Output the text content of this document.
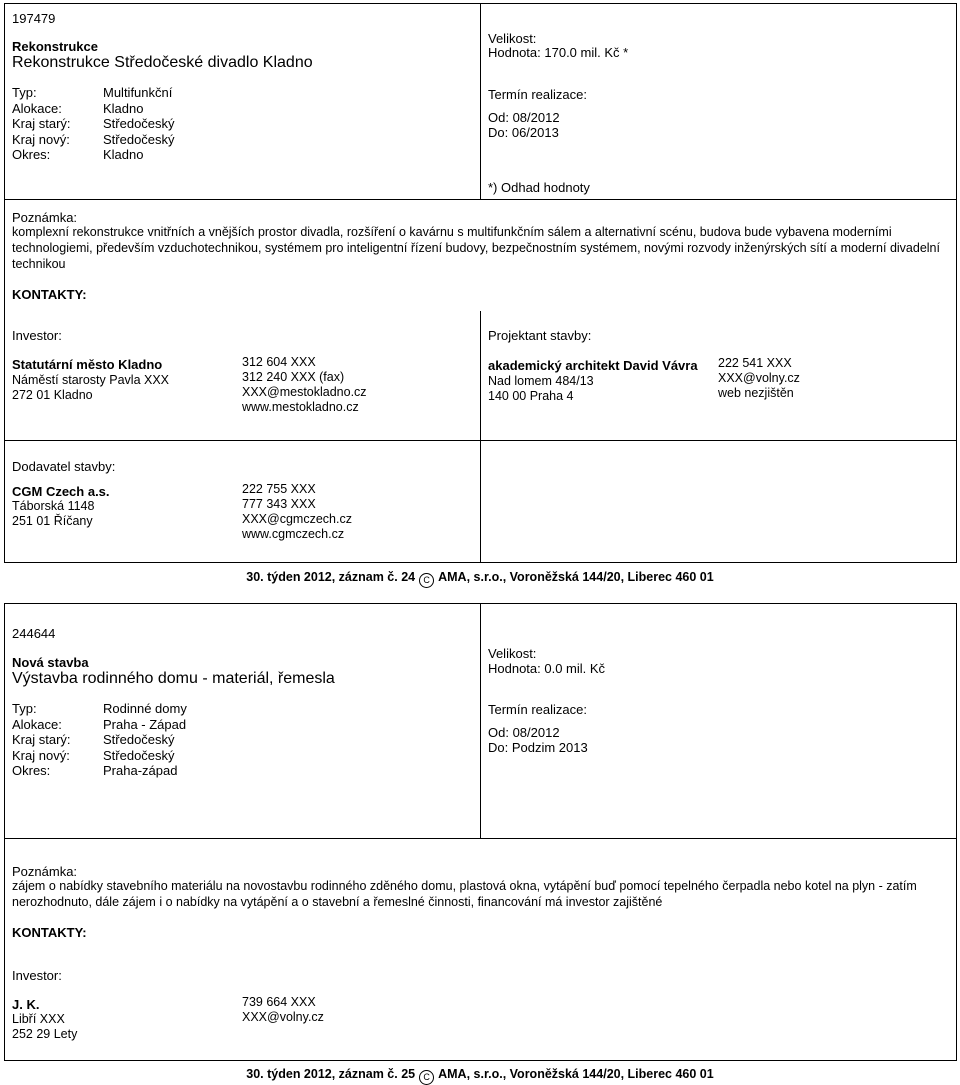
197479
Rekonstrukce
Rekonstrukce Středočeské divadlo Kladno
Typ:	Multifunkční
Alokace:	Kladno
Kraj starý:	Středočeský
Kraj nový:	Středočeský
Okres:	Kladno
Velikost:
Hodnota: 170.0 mil. Kč *
Termín realizace:
Od: 08/2012
Do: 06/2013
*) Odhad hodnoty
Poznámka:
komplexní rekonstrukce vnitřních a vnějších prostor divadla, rozšíření o kavárnu s multifunkčním sálem a alternativní scénu, budova bude vybavena moderními technologiemi, především vzduchotechnikou, systémem pro inteligentní řízení budovy, bezpečnostním systémem, novými rozvody inženýrských sítí a moderní divadelní technikou
KONTAKTY:
Investor:
Statutární město Kladno
Náměstí starosty Pavla XXX
272 01 Kladno
312 604 XXX
312 240 XXX (fax)
XXX@mestokladno.cz
www.mestokladno.cz
Projektant stavby:
akademický architekt David Vávra
Nad lomem 484/13
140 00 Praha 4
222 541 XXX
XXX@volny.cz
web nezjištěn
Dodavatel stavby:
CGM Czech a.s.
Táborská 1148
251 01 Říčany
222 755 XXX
777 343 XXX
XXX@cgmczech.cz
www.cgmczech.cz
30. týden 2012, záznam č. 24 C AMA, s.r.o., Voroněžská 144/20, Liberec 460 01
244644
Nová stavba
Výstavba rodinného domu - materiál, řemesla
Typ:	Rodinné domy
Alokace:	Praha - Západ
Kraj starý:	Středočeský
Kraj nový:	Středočeský
Okres:	Praha-západ
Velikost:
Hodnota: 0.0 mil. Kč
Termín realizace:
Od: 08/2012
Do: Podzim 2013
Poznámka:
zájem o nabídky stavebního materiálu na novostavbu rodinného zděného domu, plastová okna, vytápění buď pomocí tepelného čerpadla nebo kotel na plyn - zatím nerozhodnuto, dále zájem i o nabídky na vytápění a o stavební a řemeslné činnosti, financování má investor zajištěné
KONTAKTY:
Investor:
J. K.
Libří XXX
252 29 Lety
739 664 XXX
XXX@volny.cz
30. týden 2012, záznam č. 25 C AMA, s.r.o., Voroněžská 144/20, Liberec 460 01
